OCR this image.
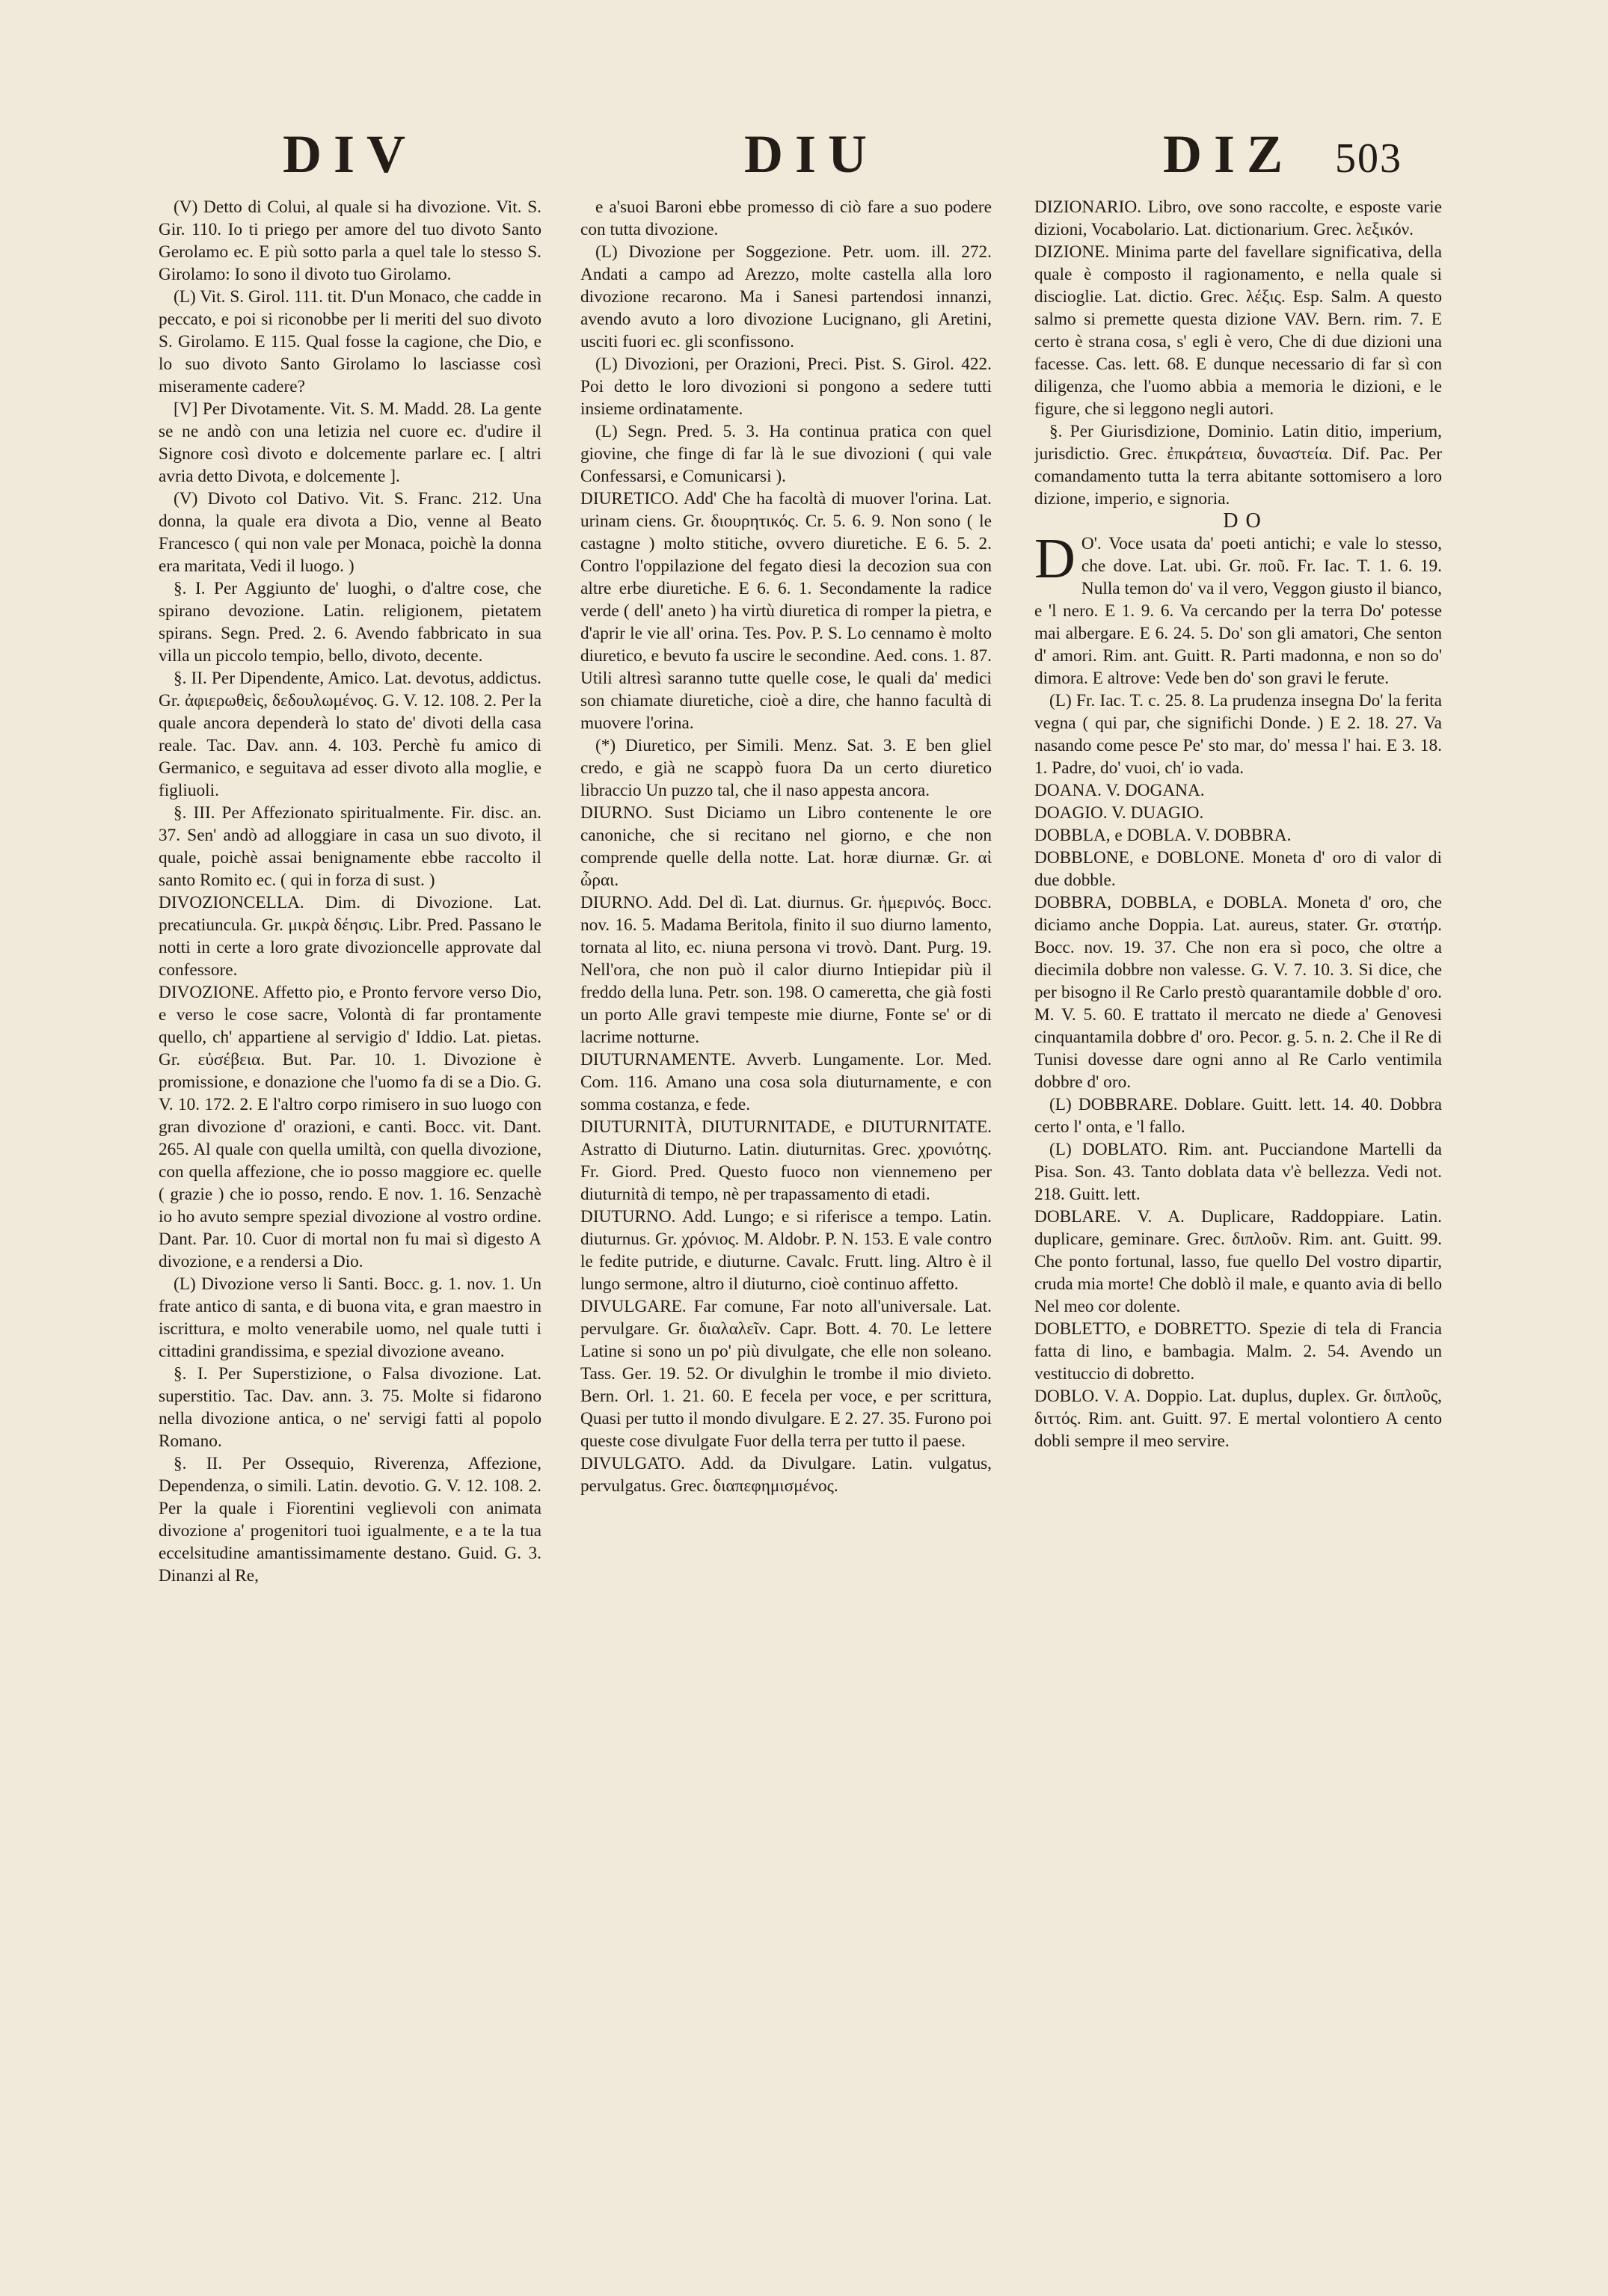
DIV	DIU	DIZ 503

(V) Detto di Colui, al quale si ha divozione. Vit. S. Gir. 110. Io ti priego per amore del tuo divoto Santo Gerolamo ec. E più sotto parla a quel tale lo stesso S. Girolamo: Io sono il divoto tuo Girolamo.

(L) Vit. S. Girol. 111. tit. D'un Monaco, che cadde in peccato, e poi si riconobbe per li meriti del suo divoto S. Girolamo. E 115. Qual fosse la cagione, che Dio, e lo suo divoto Santo Girolamo lo lasciasse così miseramente cadere?

[V] Per Divotamente. Vit. S. M. Madd. 28. La gente se ne andò con una letizia nel cuore ec. d'udire il Signore così divoto e dolcemente parlare ec. [ altri avria detto Divota, e dolcemente ].

(V) Divoto col Dativo. Vit. S. Franc. 212. Una donna, la quale era divota a Dio, venne al Beato Francesco ( qui non vale per Monaca, poichè la donna era maritata, Vedi il luogo. )

§. I. Per Aggiunto de' luoghi, o d'altre cose, che spirano devozione. Latin. religionem, pietatem spirans. Segn. Pred. 2. 6. Avendo fabbricato in sua villa un piccolo tempio, bello, divoto, decente.

§. II. Per Dipendente, Amico. Lat. devotus, addictus. Gr. ἀφιερωθεὶς, δεδουλωμένος. G. V. 12. 108. 2. Per la quale ancora dependerà lo stato de' divoti della casa reale. Tac. Dav. ann. 4. 103. Perchè fu amico di Germanico, e seguitava ad esser divoto alla moglie, e figliuoli.

§. III. Per Affezionato spiritualmente. Fir. disc. an. 37. Sen' andò ad alloggiare in casa un suo divoto, il quale, poichè assai benignamente ebbe raccolto il santo Romito ec. ( qui in forza di sust. )

DIVOZIONCELLA. Dim. di Divozione. Lat. precatiuncula. Gr. μικρὰ δέησις. Libr. Pred. Passano le notti in certe a loro grate divozioncelle approvate dal confessore.

DIVOZIONE. Affetto pio, e Pronto fervore verso Dio, e verso le cose sacre, Volontà di far prontamente quello, ch' appartiene al servigio d' Iddio. Lat. pietas. Gr. εὐσέβεια. But. Par. 10. 1. Divozione è promissione, e donazione che l'uomo fa di se a Dio. G. V. 10. 172. 2. E l'altro corpo rimisero in suo luogo con gran divozione d' orazioni, e canti. Bocc. vit. Dant. 265. Al quale con quella umiltà, con quella divozione, con quella affezione, che io posso maggiore ec. quelle ( grazie ) che io posso, rendo. E nov. 1. 16. Senzachè io ho avuto sempre spezial divozione al vostro ordine. Dant. Par. 10. Cuor di mortal non fu mai sì digesto A divozione, e a rendersi a Dio.

(L) Divozione verso li Santi. Bocc. g. 1. nov. 1. Un frate antico di santa, e di buona vita, e gran maestro in iscrittura, e molto venerabile uomo, nel quale tutti i cittadini grandissima, e spezial divozione aveano.

§. I. Per Superstizione, o Falsa divozione. Lat. superstitio. Tac. Dav. ann. 3. 75. Molte si fidarono nella divozione antica, o ne' servigi fatti al popolo Romano.

§. II. Per Ossequio, Riverenza, Affezione, Dependenza, o simili. Latin. devotio. G. V. 12. 108. 2. Per la quale i Fiorentini veglievoli con animata divozione a' progenitori tuoi igualmente, e a te la tua eccelsitudine amantissimamente destano. Guid. G. 3. Dinanzi al Re,

e a'suoi Baroni ebbe promesso di ciò fare a suo podere con tutta divozione.

(L) Divozione per Soggezione. Petr. uom. ill. 272. Andati a campo ad Arezzo, molte castella alla loro divozione recarono. Ma i Sanesi partendosi innanzi, avendo avuto a loro divozione Lucignano, gli Aretini, usciti fuori ec. gli sconfissono.

(L) Divozioni, per Orazioni, Preci. Pist. S. Girol. 422. Poi detto le loro divozioni si pongono a sedere tutti insieme ordinatamente.

(L) Segn. Pred. 5. 3. Ha continua pratica con quel giovine, che finge di far là le sue divozioni ( qui vale Confessarsi, e Comunicarsi ).

DIURETICO. Add' Che ha facoltà di muover l'orina. Lat. urinam ciens. Gr. διουρητικός. Cr. 5. 6. 9. Non sono ( le castagne ) molto stitiche, ovvero diuretiche. E 6. 5. 2. Contro l'oppilazione del fegato diesi la decozion sua con altre erbe diuretiche. E 6. 6. 1. Secondamente la radice verde ( dell' aneto ) ha virtù diuretica di romper la pietra, e d'aprir le vie all' orina. Tes. Pov. P. S. Lo cennamo è molto diuretico, e bevuto fa uscire le secondine. Aed. cons. 1. 87. Utili altresì saranno tutte quelle cose, le quali da' medici son chiamate diuretiche, cioè a dire, che hanno facultà di muovere l'orina.

(*) Diuretico, per Simili. Menz. Sat. 3. E ben gliel credo, e già ne scappò fuora Da un certo diuretico libraccio Un puzzo tal, che il naso appesta ancora.

DIURNO. Sust Diciamo un Libro contenente le ore canoniche, che si recitano nel giorno, e che non comprende quelle della notte. Lat. horæ diurnæ. Gr. αἱ ὧραι.

DIURNO. Add. Del dì. Lat. diurnus. Gr. ἡμερινός. Bocc. nov. 16. 5. Madama Beritola, finito il suo diurno lamento, tornata al lito, ec. niuna persona vi trovò. Dant. Purg. 19. Nell'ora, che non può il calor diurno Intiepidar più il freddo della luna. Petr. son. 198. O cameretta, che già fosti un porto Alle gravi tempeste mie diurne, Fonte se' or di lacrime notturne.

DIUTURNAMENTE. Avverb. Lungamente. Lor. Med. Com. 116. Amano una cosa sola diuturnamente, e con somma costanza, e fede.

DIUTURNITÀ, DIUTURNITADE, e DIUTURNITATE. Astratto di Diuturno. Latin. diuturnitas. Grec. χρονιότης. Fr. Giord. Pred. Questo fuoco non viennemeno per diuturnità di tempo, nè per trapassamento di etadi.

DIUTURNO. Add. Lungo; e si riferisce a tempo. Latin. diuturnus. Gr. χρόνιος. M. Aldobr. P. N. 153. E vale contro le fedite putride, e diuturne. Cavalc. Frutt. ling. Altro è il lungo sermone, altro il diuturno, cioè continuo affetto.

DIVULGARE. Far comune, Far noto all'universale. Lat. pervulgare. Gr. διαλαλεῖν. Capr. Bott. 4. 70. Le lettere Latine si sono un po' più divulgate, che elle non soleano. Tass. Ger. 19. 52. Or divulghin le trombe il mio divieto. Bern. Orl. 1. 21. 60. E fecela per voce, e per scrittura, Quasi per tutto il mondo divulgare. E 2. 27. 35. Furono poi queste cose divulgate Fuor della terra per tutto il paese.

DIVULGATO. Add. da Divulgare. Latin. vulgatus, pervulgatus. Grec. διαπεφημισμένος.

DIZIONARIO. Libro, ove sono raccolte, e esposte varie dizioni, Vocabolario. Lat. dictionarium. Grec. λεξικόν.

DIZIONE. Minima parte del favellare significativa, della quale è composto il ragionamento, e nella quale si discioglie. Lat. dictio. Grec. λέξις. Esp. Salm. A questo salmo si premette questa dizione VAV. Bern. rim. 7. E certo è strana cosa, s' egli è vero, Che di due dizioni una facesse. Cas. lett. 68. E dunque necessario di far sì con diligenza, che l'uomo abbia a memoria le dizioni, e le figure, che si leggono negli autori.

§. Per Giurisdizione, Dominio. Latin ditio, imperium, jurisdictio. Grec. ἐπικράτεια, δυναστεία. Dif. Pac. Per comandamento tutta la terra abitante sottomisero a loro dizione, imperio, e signoria.

DO

D O'. Voce usata da' poeti antichi; e vale lo stesso, che dove. Lat. ubi. Gr. ποῦ. Fr. Iac. T. 1. 6. 19. Nulla temon do' va il vero, Veggon giusto il bianco, e 'l nero. E 1. 9. 6. Va cercando per la terra Do' potesse mai albergare. E 6. 24. 5. Do' son gli amatori, Che senton d' amori. Rim. ant. Guitt. R. Parti madonna, e non so do' dimora. E altrove: Vede ben do' son gravi le ferute.

(L) Fr. Iac. T. c. 25. 8. La prudenza insegna Do' la ferita vegna ( qui par, che significhi Donde. ) E 2. 18. 27. Va nasando come pesce Pe' sto mar, do' messa l' hai. E 3. 18. 1. Padre, do' vuoi, ch' io vada.

DOANA. V. DOGANA.

DOAGIO. V. DUAGIO.

DOBBLA, e DOBLA. V. DOBBRA.

DOBBLONE, e DOBLONE. Moneta d' oro di valor di due dobble.

DOBBRA, DOBBLA, e DOBLA. Moneta d' oro, che diciamo anche Doppia. Lat. aureus, stater. Gr. στατήρ. Bocc. nov. 19. 37. Che non era sì poco, che oltre a diecimila dobbre non valesse. G. V. 7. 10. 3. Si dice, che per bisogno il Re Carlo prestò quarantamile dobble d' oro. M. V. 5. 60. E trattato il mercato ne diede a' Genovesi cinquantamila dobbre d' oro. Pecor. g. 5. n. 2. Che il Re di Tunisi dovesse dare ogni anno al Re Carlo ventimila dobbre d' oro.

(L) DOBBRARE. Doblare. Guitt. lett. 14. 40. Dobbra certo l' onta, e 'l fallo.

(L) DOBLATO. Rim. ant. Pucciandone Martelli da Pisa. Son. 43. Tanto doblata data v'è bellezza. Vedi not. 218. Guitt. lett.

DOBLARE. V. A. Duplicare, Raddoppiare. Latin. duplicare, geminare. Grec. διπλοῦν. Rim. ant. Guitt. 99. Che ponto fortunal, lasso, fue quello Del vostro dipartir, cruda mia morte! Che doblò il male, e quanto avia di bello Nel meo cor dolente.

DOBLETTO, e DOBRETTO. Spezie di tela di Francia fatta di lino, e bambagia. Malm. 2. 54. Avendo un vestituccio di dobretto.

DOBLO. V. A. Doppio. Lat. duplus, duplex. Gr. διπλοῦς, διττός. Rim. ant. Guitt. 97. E mertal volontiero A cento dobli sempre il meo servire.
